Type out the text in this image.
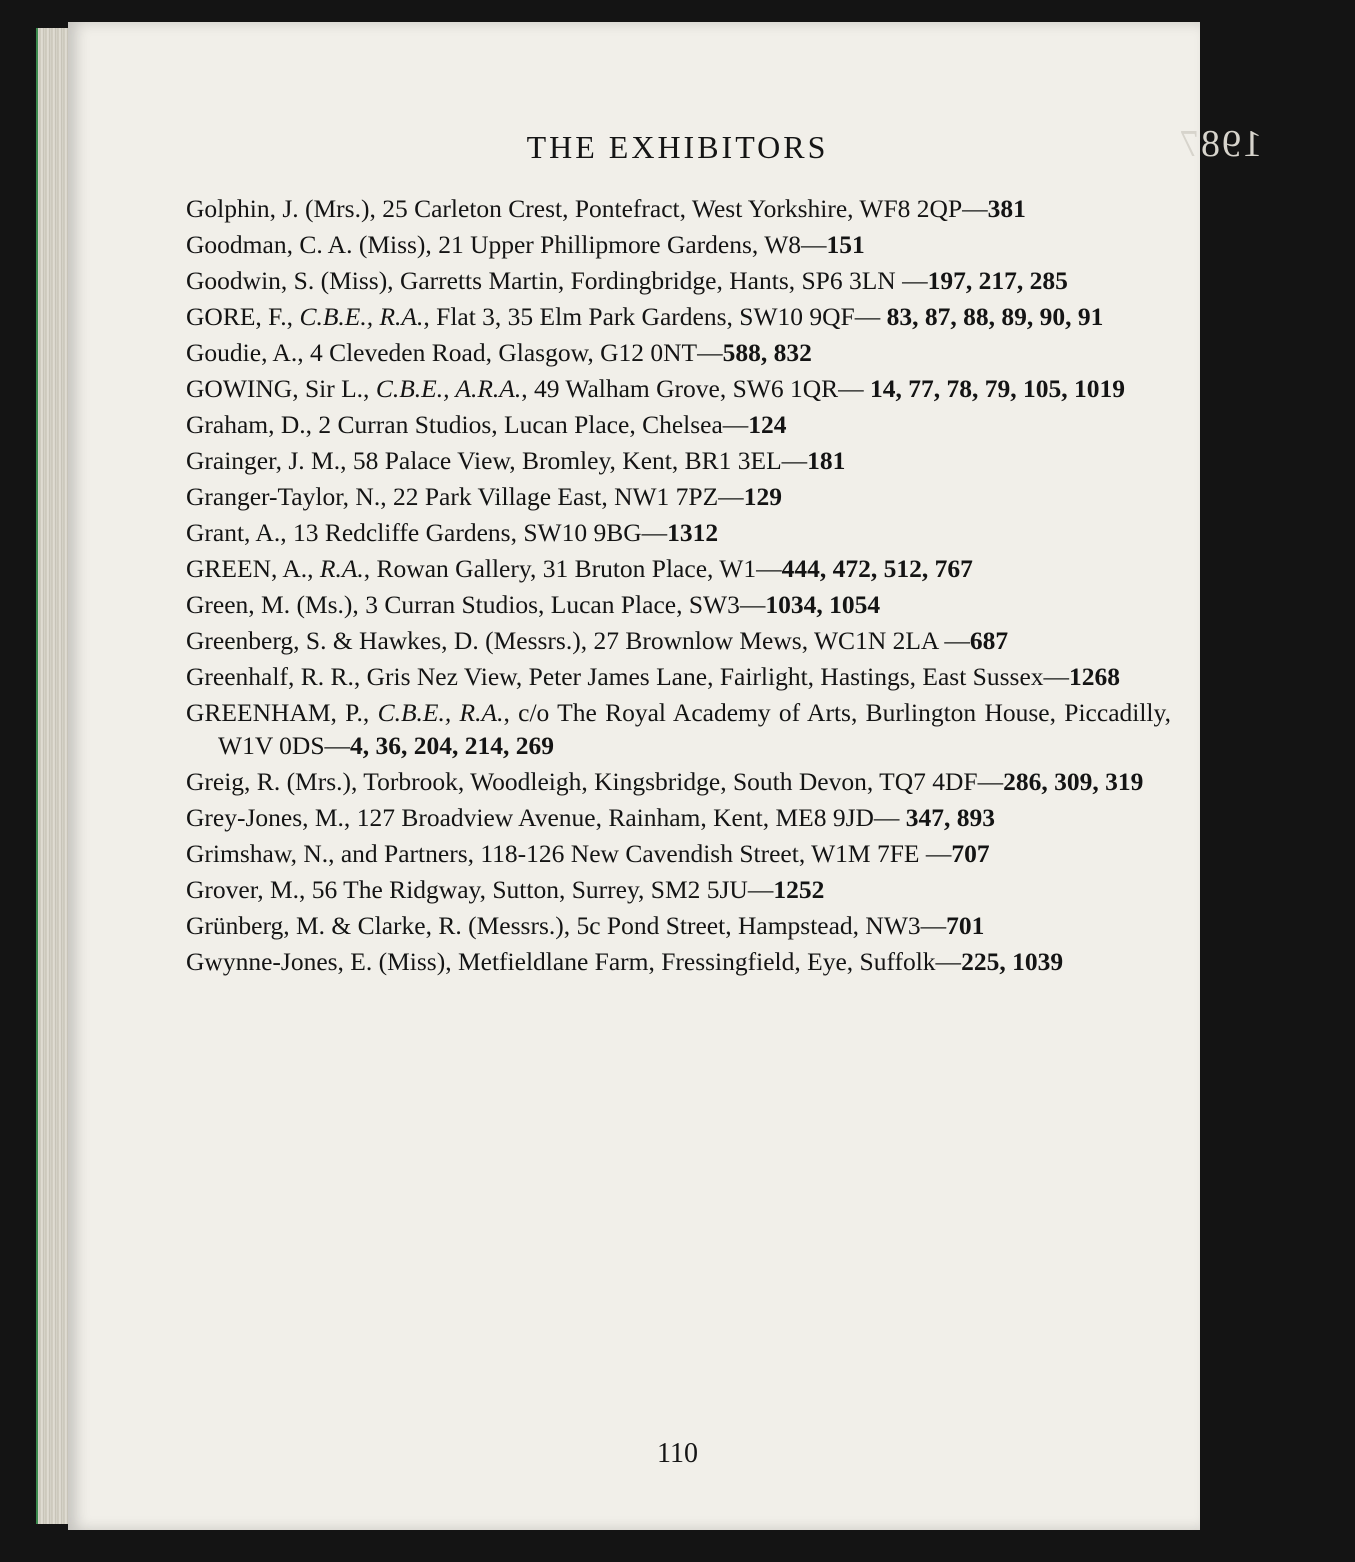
1987
THE EXHIBITORS
Golphin, J. (Mrs.), 25 Carleton Crest, Pontefract, West Yorkshire, WF8 2QP—381
Goodman, C. A. (Miss), 21 Upper Phillipmore Gardens, W8—151
Goodwin, S. (Miss), Garretts Martin, Fordingbridge, Hants, SP6 3LN —197, 217, 285
GORE, F., C.B.E., R.A., Flat 3, 35 Elm Park Gardens, SW10 9QF— 83, 87, 88, 89, 90, 91
Goudie, A., 4 Cleveden Road, Glasgow, G12 0NT—588, 832
GOWING, Sir L., C.B.E., A.R.A., 49 Walham Grove, SW6 1QR— 14, 77, 78, 79, 105, 1019
Graham, D., 2 Curran Studios, Lucan Place, Chelsea—124
Grainger, J. M., 58 Palace View, Bromley, Kent, BR1 3EL—181
Granger-Taylor, N., 22 Park Village East, NW1 7PZ—129
Grant, A., 13 Redcliffe Gardens, SW10 9BG—1312
GREEN, A., R.A., Rowan Gallery, 31 Bruton Place, W1—444, 472, 512, 767
Green, M. (Ms.), 3 Curran Studios, Lucan Place, SW3—1034, 1054
Greenberg, S. & Hawkes, D. (Messrs.), 27 Brownlow Mews, WC1N 2LA —687
Greenhalf, R. R., Gris Nez View, Peter James Lane, Fairlight, Hastings, East Sussex—1268
GREENHAM, P., C.B.E., R.A., c/o The Royal Academy of Arts, Burlington House, Piccadilly, W1V 0DS—4, 36, 204, 214, 269
Greig, R. (Mrs.), Torbrook, Woodleigh, Kingsbridge, South Devon, TQ7 4DF—286, 309, 319
Grey-Jones, M., 127 Broadview Avenue, Rainham, Kent, ME8 9JD— 347, 893
Grimshaw, N., and Partners, 118-126 New Cavendish Street, W1M 7FE —707
Grover, M., 56 The Ridgway, Sutton, Surrey, SM2 5JU—1252
Grünberg, M. & Clarke, R. (Messrs.), 5c Pond Street, Hampstead, NW3—701
Gwynne-Jones, E. (Miss), Metfieldlane Farm, Fressingfield, Eye, Suffolk—225, 1039
110
